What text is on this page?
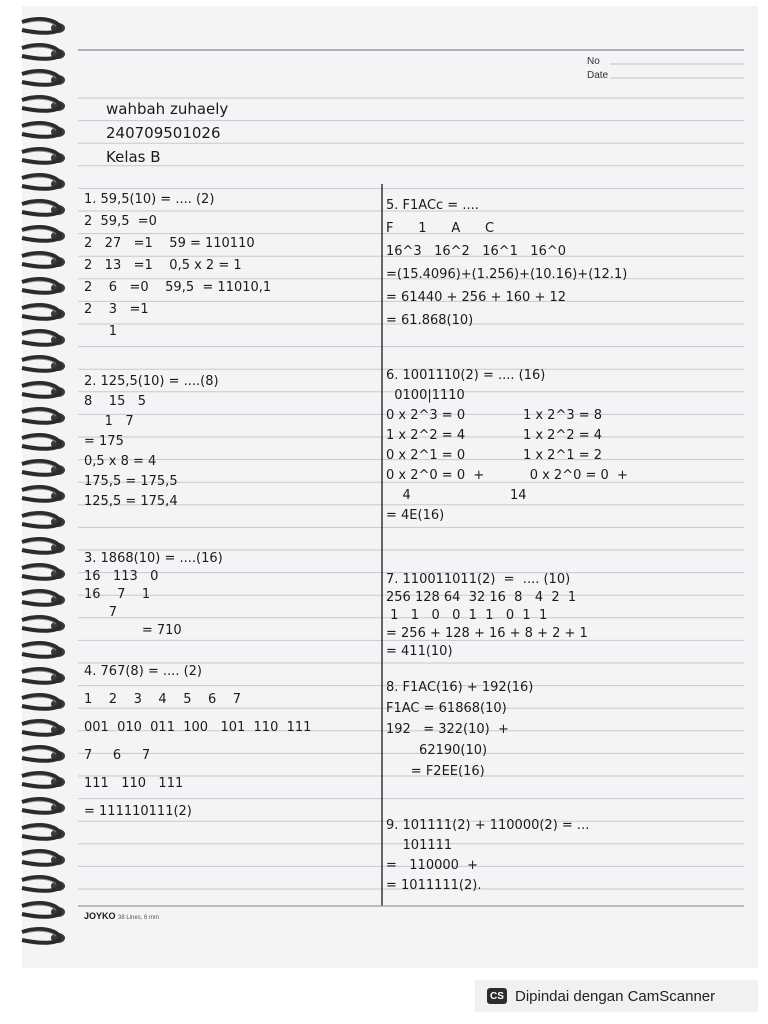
No
Date
wahbah zuhaely
240709501026
Kelas B
1. 59,5(10) = .... (2)
2  59,5  =0
2   27   =1    59 = 110110
2   13   =1    0,5 x 2 = 1
2    6   =0    59,5  = 11010,1
2    3   =1
1
2. 125,5(10) = ....(8)
8    15   5
1   7
= 175
0,5 x 8 = 4
175,5 = 175,5
125,5 = 175,4
3. 1868(10) = ....(16)
16   113   0
16    7    1
7
= 710
4. 767(8) = .... (2)
1    2    3    4    5    6    7
001  010  011  100   101  110  111
7     6     7
111   110   111
= 111110111(2)
5. F1ACc = ....
F      1      A      C
16^3   16^2   16^1   16^0
=(15.4096)+(1.256)+(10.16)+(12.1)
= 61440 + 256 + 160 + 12
= 61.868(10)
6. 1001110(2) = .... (16)
0100|1110
0 x 2^3 = 0              1 x 2^3 = 8
1 x 2^2 = 4              1 x 2^2 = 4
0 x 2^1 = 0              1 x 2^1 = 2
0 x 2^0 = 0  +           0 x 2^0 = 0  +
4                        14
= 4E(16)
7. 110011011(2)  =  .... (10)
256 128 64  32 16  8   4  2  1
1   1   0   0  1  1   0  1  1
= 256 + 128 + 16 + 8 + 2 + 1
= 411(10)
8. F1AC(16) + 192(16)
F1AC = 61868(10)
192   = 322(10)  +
62190(10)
= F2EE(16)
9. 101111(2) + 110000(2) = ...
101111
=   110000  +
= 1011111(2).
JOYKO 38 Lines, 6 mm
CS Dipindai dengan CamScanner
